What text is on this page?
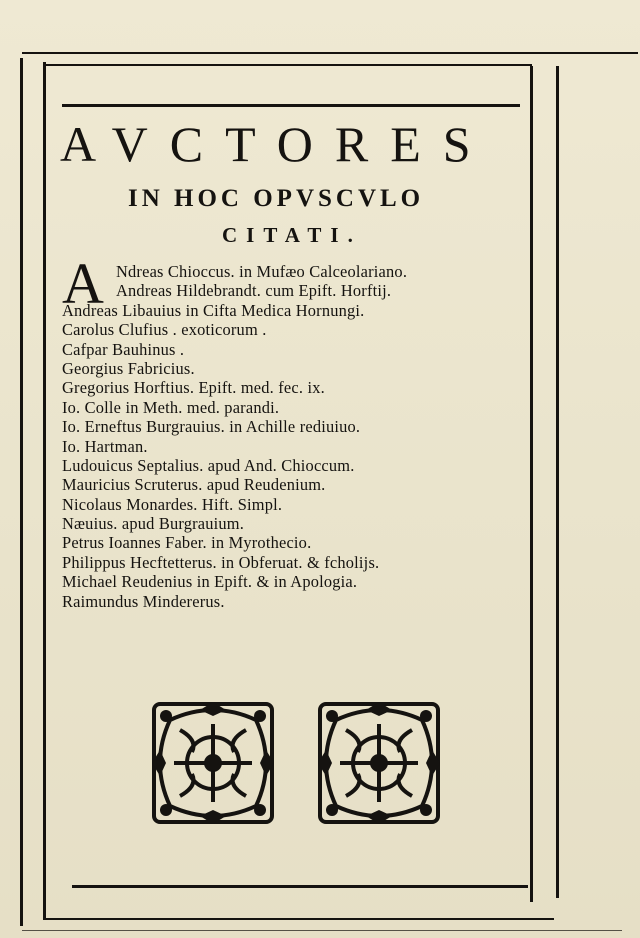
AVCTORES
IN HOC OPVSCVLO
CITATI.
A Ndreas Chioccus. in Mufæo Calceolariano.
Andreas Hildebrandt. cum Epift. Horftij.
Andreas Libauius in Cifta Medica Hornungi.
Carolus Clufius . exoticorum .
Cafpar Bauhinus .
Georgius Fabricius.
Gregorius Horftius. Epift. med. fec. ix.
Io. Colle in Meth. med. parandi.
Io. Erneftus Burgrauius. in Achille rediuiuo.
Io. Hartman.
Ludouicus Septalius. apud And. Chioccum.
Mauricius Scruterus. apud Reudenium.
Nicolaus Monardes. Hift. Simpl.
Næuius. apud Burgrauium.
Petrus Ioannes Faber. in Myrothecio.
Philippus Hecftetterus. in Obferuat. & fcholijs.
Michael Reudenius in Epift. & in Apologia.
Raimundus Mindererus.
